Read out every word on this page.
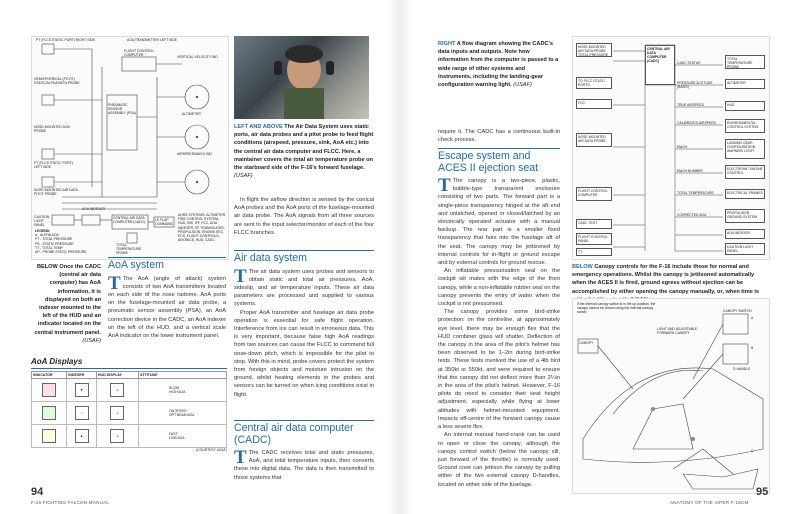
PT (FLCS STATIC PORT) RIGHT SIDE	AOA TRANSMITTER LEFT SIDE
FLIGHT CONTROL COMPUTER	VERTICAL VELOCITY IND
HEMISPHERICAL (PITOT) STATIC/ALPHA BETA PROBE
PNEUMATIC SENSOR ASSEMBLY (PSA)	ALTIMETER
AIRSPEED/MACH IND
NOSE-MOUNTED AOA PROBE
PT (FLCS STATIC PORT) LEFT SIDE
NOSE-MOUNTED AIR DATA PITOT PROBE
CAUTION LIGHT PANEL
AOA INDEXER
CENTRAL AIR DATA COMPUTER (CADC)
LE FLAP COMMAND
TOTAL TEMPERATURE PROBE
AHRS SYSTEMS: ALTIMETER, FIRE CONTROL SYSTEM, HUD, INS, IFF, FCC, AOA INDEXER, EF TRANSDUCER, PROPULSION, ENGINE EEC, ECS, FLIGHT CONTROLS, AVIONICS, HUD, CADC
LEGEND:
α - ALPHA AOA
PT - TOTAL PRESSURE
PS - STATIC PRESSURE
TT - TOTAL TEMP
ΔP - PROBE STATIC PRESSURE
LEFT AND ABOVE The Air Data System uses static ports, air data probes and a pitot probe to feed flight conditions (airspeed, pressure, sink, AoA etc.) into the central air data computer and FLCC. Here, a maintainer covers the total air temperature probe on the starboard side of the F-16's forward fuselage. (USAF)

In flight the airflow direction is sensed by the conical AoA probes and the AoA ports of the fuselage-mounted air data probe. The AoA signals from all three sources are sent to the input selector/monitor of each of the four FLCC branches.

BELOW Once the CADC (central air data computer) has AoA information, it is displayed on both an indexer mounted to the left of the HUD and an indicator located on the central instrument panel. (USAF)
AoA system
T The AoA (angle of attack) system consists of two AoA transmitters located on each side of the nose radome. AoA ports on the fuselage-mounted air data probe, a pneumatic sensor assembly (PSA), an AoA correction device in the CADC, an AoA indexer on the left of the HUD, and a vertical scale AoA indicator on the lower instrument panel.
AoA Displays
INDICATOR	INDEXER	HUD DISPLAY	ATTITUDE

	▼	⊥	SLOW
HIGH AOA

	○	⊥	ON SPEED
OPT BEAM AOA

	▲	⊥	FAST
LOW AOA
(COURTESY USAF)
Air data system
T The air data system uses probes and sensors to obtain static and total air pressures, AoA, sideslip, and air temperature inputs. These air data parameters are processed and supplied to various systems.

Proper AoA transmitter and fuselage air data probe operation is essential for safe flight operation. Interference from ice can result in erroneous data. This is very important, because false high AoA readings from two sources can cause the FLCC to command full nose-down pitch, which is impossible for the pilot to stop. With this in mind, probe covers protect the system from foreign objects and moisture intrusion on the ground, whilst heating elements in the probes and sensors can be turned on when icing conditions exist in flight.

Central air data computer (CADC)
T The CADC receives total and static pressures, AoA, and total temperature inputs, then converts these into digital data. The data is then transmitted to those systems that
94
F-16 FIGHTING FALCON MANUAL
RIGHT A flow diagram showing the CADC's data inputs and outputs. Note how information from the computer is passed to a wide range of other systems and instruments, including the landing-gear configuration warning light. (USAF)

require it. The CADC has a continuous built-in check process.

Escape system and ACES II ejection seat
T The canopy is a two-piece, plastic, bubble-type transparent enclosure consisting of two parts. The forward part is a single-piece transparency hinged at the aft end and unlatched, opened or closed/latched by an electrically operated actuator with a manual backup. The rear part is a smaller fixed transparency that fairs into the fuselage aft of the seat. The canopy may be jettisoned by internal controls for in-flight or ground escape and by external controls for ground rescue.

An inflatable pressurisation seal on the cockpit sill mates with the edge of the front canopy, while a non-inflatable rubber seal on the canopy prevents the entry of water when the cockpit is not pressurised.

The canopy provides some bird-strike protection: on the centreline, at approximately eye level, there may be enough flex that the HUD combiner glass will shatter. Deflection of the canopy in the area of the pilot's helmet has been observed to be 1–2in during bird-strike tests. These tests involved the use of a 4lb bird at 350kt or 550kt, and were required to ensure that the canopy did not deflect more than 2¼in in the area of the pilot's helmet. However, F-16 pilots do need to consider their seat height adjustment, especially while flying at lower altitudes with helmet-mounted equipment. Impacts off-centre of the forward canopy cause a less severe flex.

An internal manual hand-crank can be used to open or close the canopy, although the canopy control switch (below the canopy sill, just forward of the throttle) is normally used. Ground crew can jettison the canopy by pulling either of the two external canopy D-handles, located on either side of the fuselage.

NOSE-MOUNTED AIR DATA PROBE TOTAL PRESSURE
TO FLCC STATIC PORTS
FCC
NOSE-MOUNTED AIR DATA PROBE
FLIGHT CONTROL COMPUTER
CADC TEST
FLIGHT CONTROL PANEL
TT
CENTRAL AIR DATA COMPUTER (CADC)	CADC STATUS
PRESSURE ALTITUDE (BARO)
TRUE AIRSPEED
CALIBRATED AIRSPEED
MACH
MACH NUMBER
TOTAL TEMPERATURE
CORRECTED AOA
TOTAL TEMPERATURE PROBE
ALTIMETER
HUD
ENVIRONMENTAL CONTROL SYSTEM
LANDING GEAR CONFIGURATION WARNING LIGHT
ELECTRONIC ENGINE CONTROL
ELECTRICAL FRAMES
PROPULSION GROUND SYSTEM
AOA INDEXER
CAUTION LIGHT PANEL
BELOW Canopy controls for the F-16 include those for normal and emergency operations. Whilst the canopy is jettisoned automatically when the ACES II is fired, ground egress without ejection can be accomplished by either opening the canopy manually, or, when time is
If the internal canopy switch is in the up position, the canopy cannot be closed using the internal canopy switch.
CANOPY
CANOPY SWITCH
LIGHT AND ADJUSTABLE FORWARD CANOPY
D-HANDLE
A
B
C
95
ANATOMY OF THE VIPER F-16CM
